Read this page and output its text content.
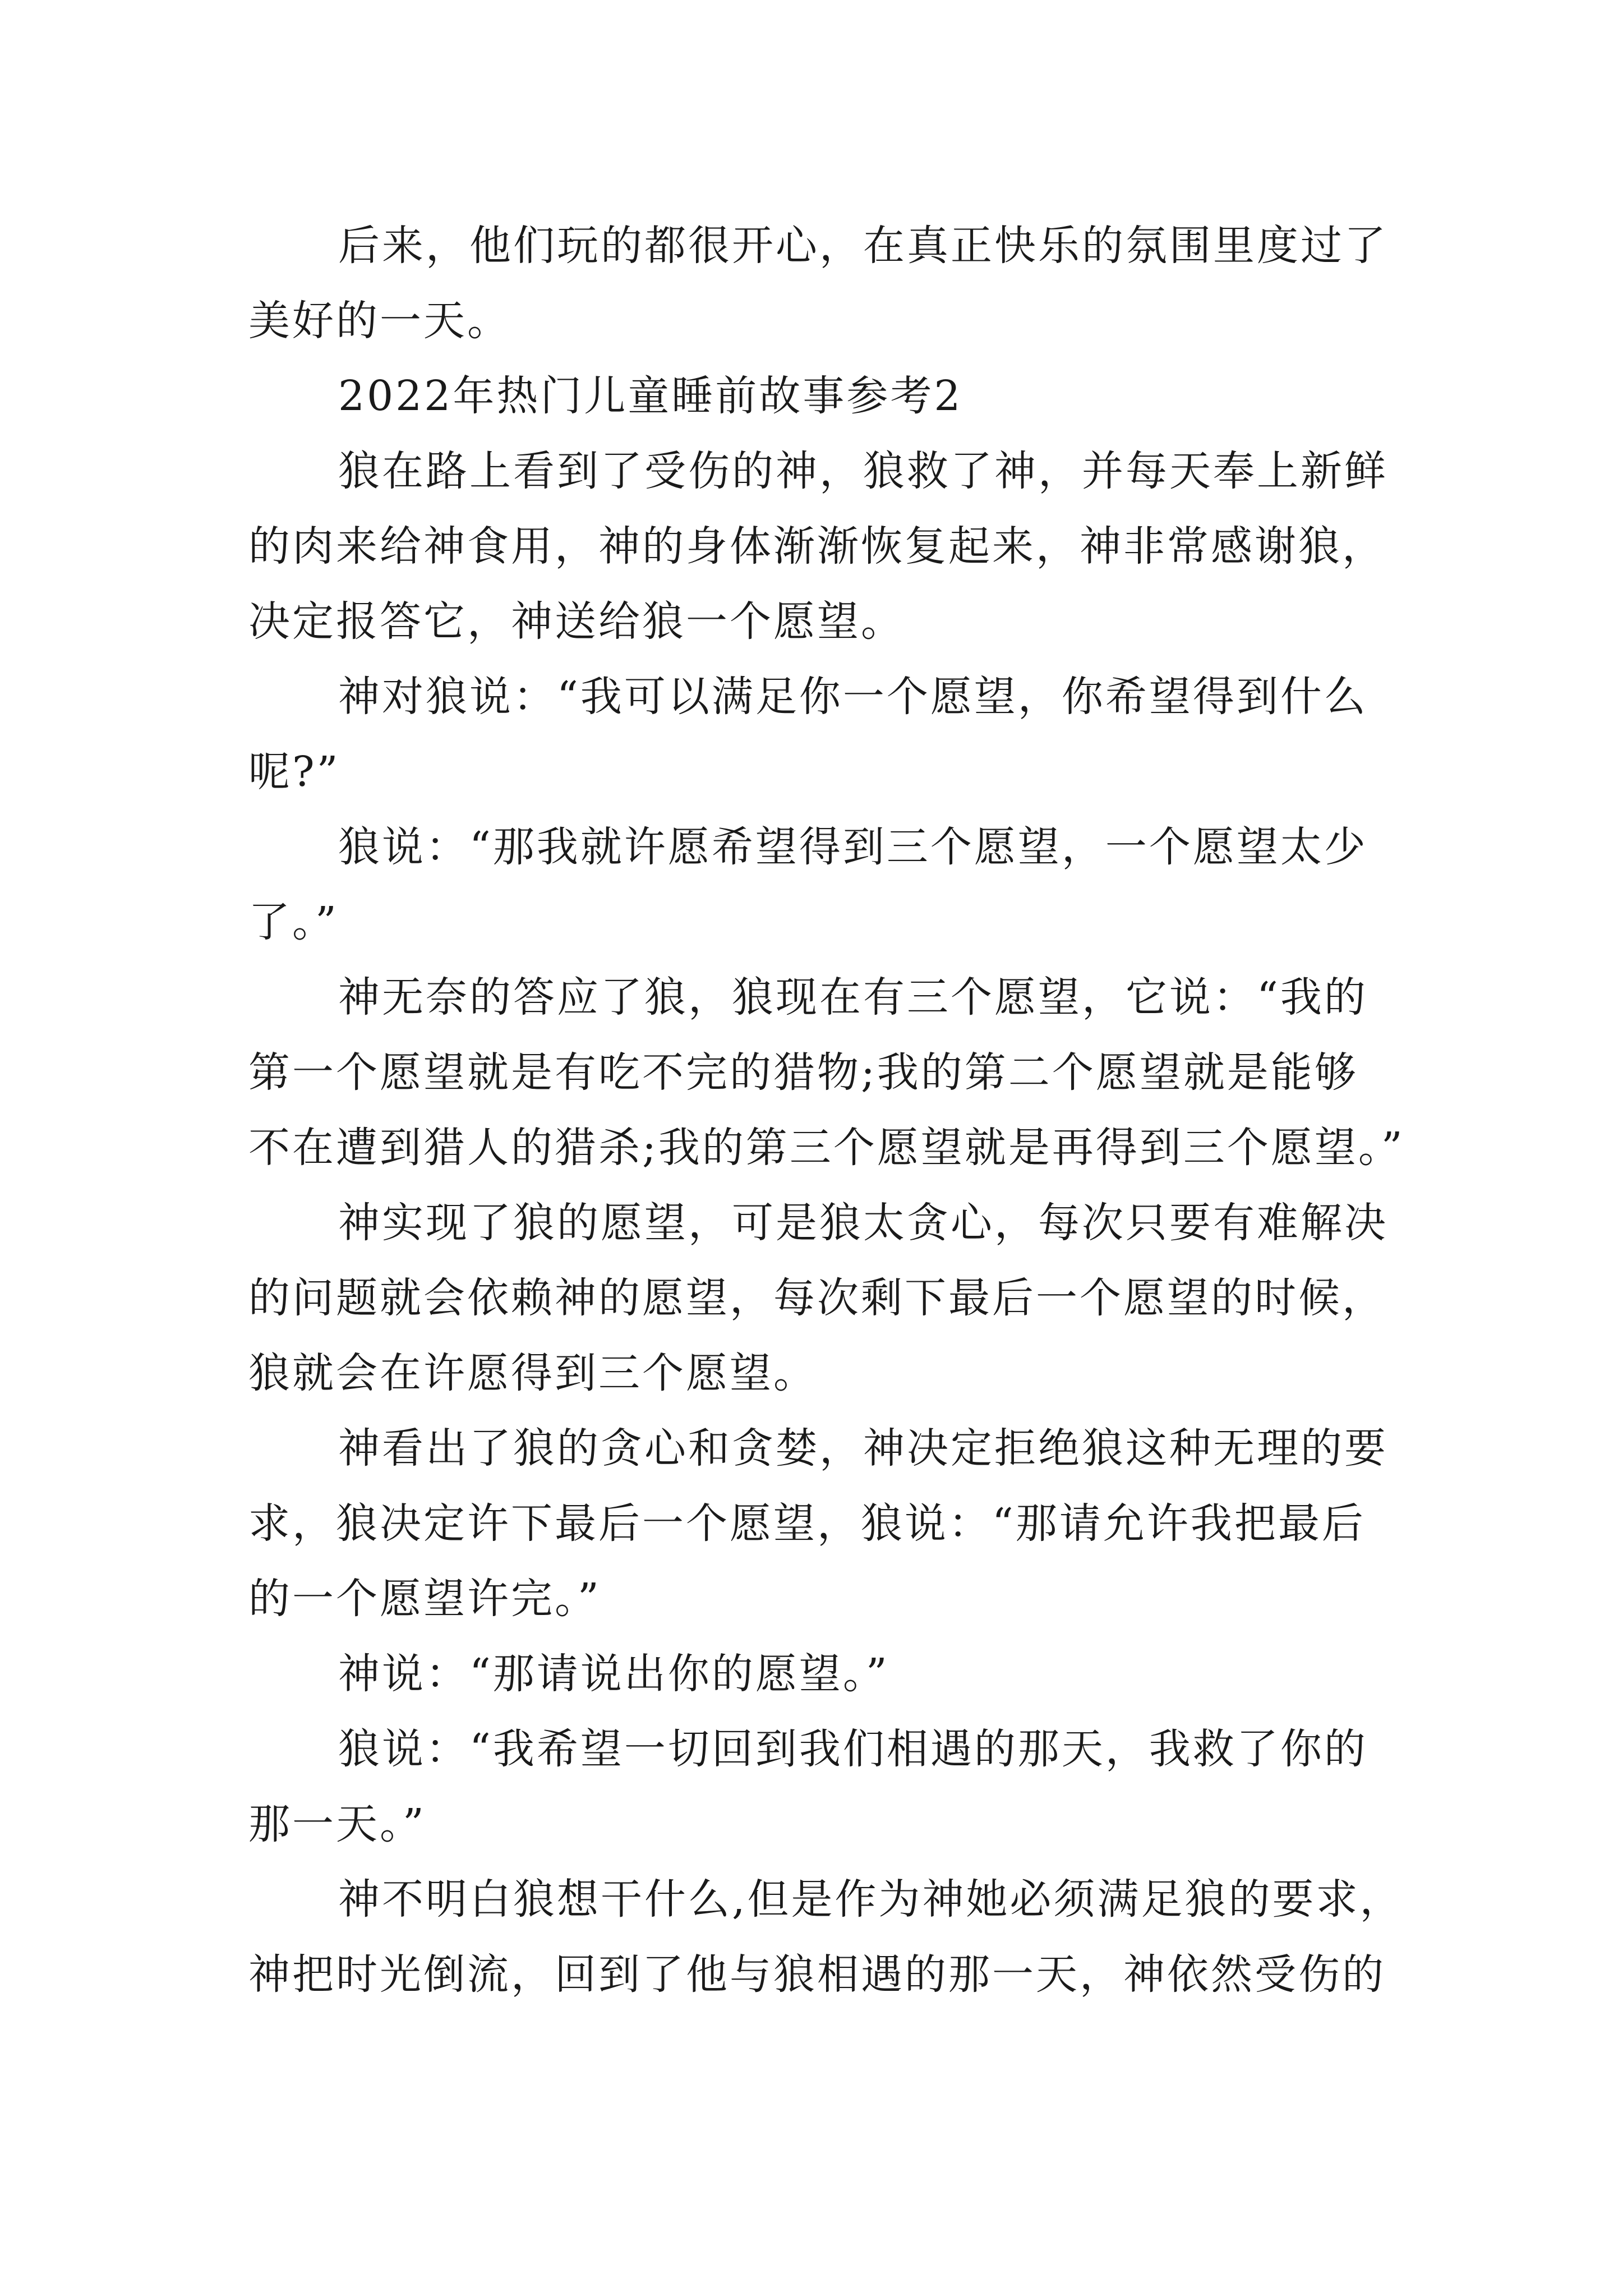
后来，他们玩的都很开心，在真正快乐的氛围里度过了
美好的一天。

2022年热门儿童睡前故事参考2

狼在路上看到了受伤的神，狼救了神，并每天奉上新鲜
的肉来给神食用，神的身体渐渐恢复起来，神非常感谢狼，
决定报答它，神送给狼一个愿望。

神对狼说：“我可以满足你一个愿望，你希望得到什么
呢?”

狼说：“那我就许愿希望得到三个愿望，一个愿望太少
了。”

神无奈的答应了狼，狼现在有三个愿望，它说：“我的
第一个愿望就是有吃不完的猎物;我的第二个愿望就是能够
不在遭到猎人的猎杀;我的第三个愿望就是再得到三个愿望。”

神实现了狼的愿望，可是狼太贪心，每次只要有难解决
的问题就会依赖神的愿望，每次剩下最后一个愿望的时候，
狼就会在许愿得到三个愿望。

神看出了狼的贪心和贪婪，神决定拒绝狼这种无理的要
求，狼决定许下最后一个愿望，狼说：“那请允许我把最后
的一个愿望许完。”

神说：“那请说出你的愿望。”

狼说：“我希望一切回到我们相遇的那天，我救了你的
那一天。”

神不明白狼想干什么,但是作为神她必须满足狼的要求，
神把时光倒流，回到了他与狼相遇的那一天，神依然受伤的
